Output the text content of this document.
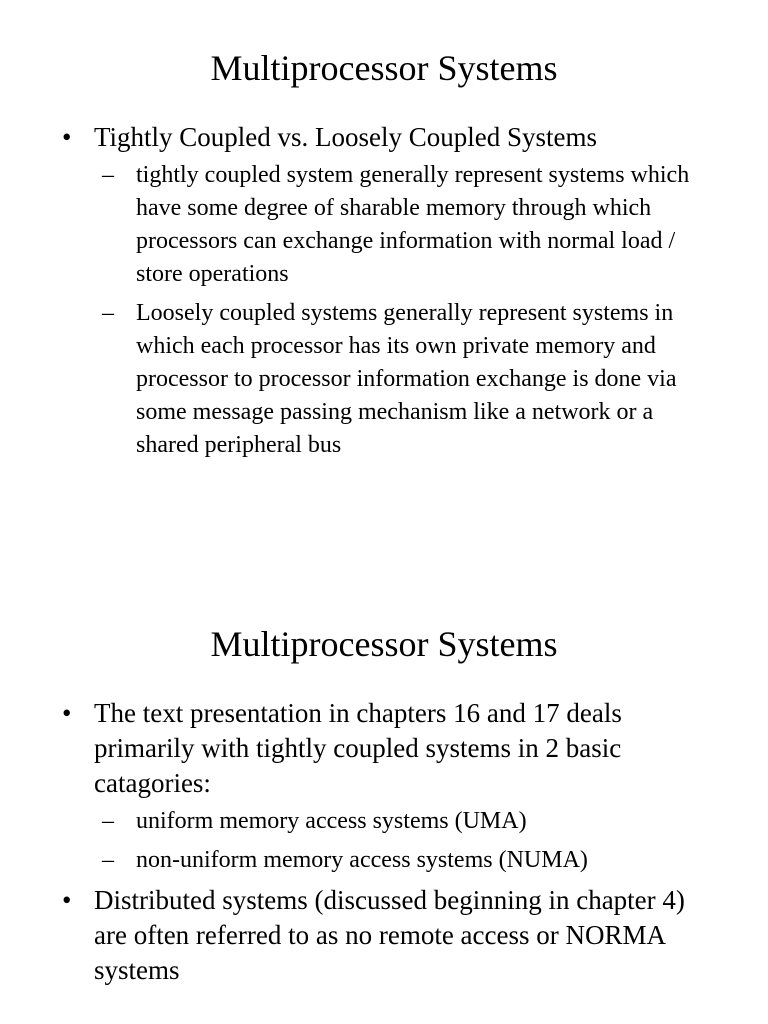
Multiprocessor Systems
• Tightly Coupled vs. Loosely Coupled Systems
– tightly coupled system generally represent systems which have some degree of sharable memory through which processors can exchange information with normal load / store operations
– Loosely coupled systems generally represent systems in which each processor has its own private memory and processor to processor information exchange is done via some message passing mechanism like a network or a shared peripheral bus
Multiprocessor Systems
• The text presentation in chapters 16 and 17 deals primarily with tightly coupled systems in 2 basic catagories:
– uniform memory access systems (UMA)
– non-uniform memory access systems (NUMA)
• Distributed systems (discussed beginning in chapter 4) are often referred to as no remote access or NORMA systems
